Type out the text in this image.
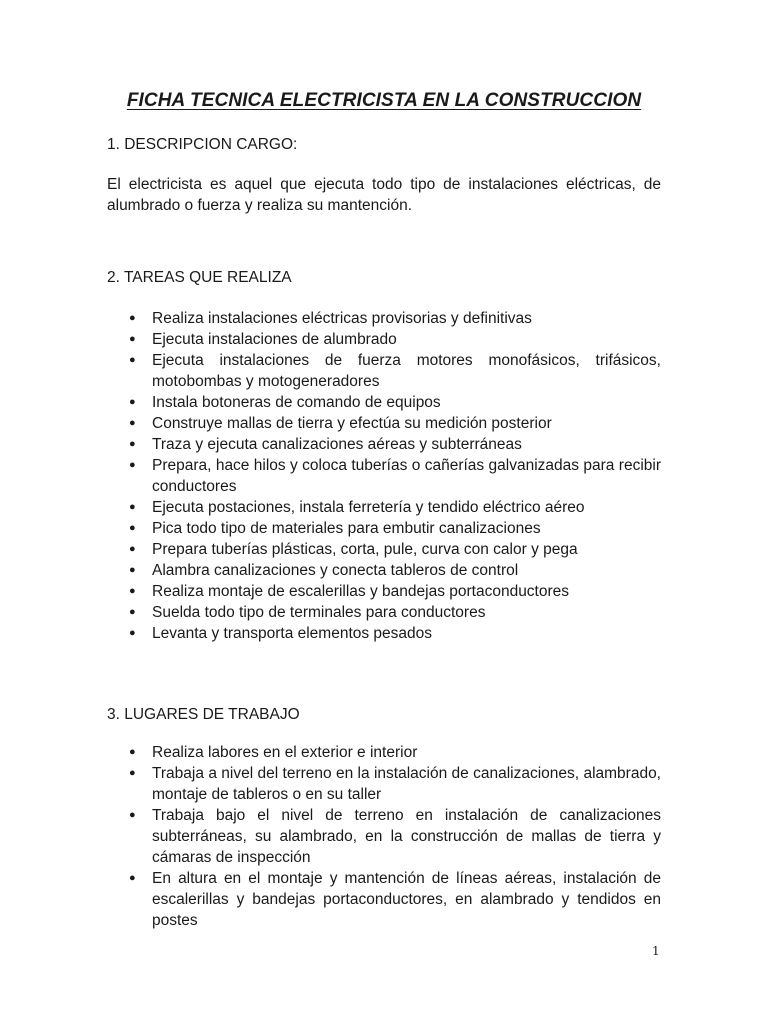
FICHA TECNICA ELECTRICISTA EN LA CONSTRUCCION
1. DESCRIPCION CARGO:
El electricista es aquel que ejecuta todo tipo de instalaciones eléctricas, de alumbrado o fuerza y realiza su mantención.
2. TAREAS QUE REALIZA
● Realiza instalaciones eléctricas provisorias y definitivas
● Ejecuta instalaciones de alumbrado
● Ejecuta instalaciones de fuerza motores monofásicos, trifásicos, motobombas y motogeneradores
● Instala botoneras de comando de equipos
● Construye mallas de tierra y efectúa su medición posterior
● Traza y ejecuta canalizaciones aéreas y subterráneas
● Prepara, hace hilos y coloca tuberías o cañerías galvanizadas para recibir conductores
● Ejecuta postaciones, instala ferretería y tendido eléctrico aéreo
● Pica todo tipo de materiales para embutir canalizaciones
● Prepara tuberías plásticas, corta, pule, curva con calor y pega
● Alambra canalizaciones y conecta tableros de control
● Realiza montaje de escalerillas y bandejas portaconductores
● Suelda todo tipo de terminales para conductores
● Levanta y transporta elementos pesados
3. LUGARES DE TRABAJO
● Realiza labores en el exterior e interior
● Trabaja a nivel del terreno en la instalación de canalizaciones, alambrado, montaje de tableros o en su taller
● Trabaja bajo el nivel de terreno en instalación de canalizaciones subterráneas, su alambrado, en la construcción de mallas de tierra y cámaras de inspección
● En altura en el montaje y mantención de líneas aéreas, instalación de escalerillas y bandejas portaconductores, en alambrado y tendidos en postes
1
